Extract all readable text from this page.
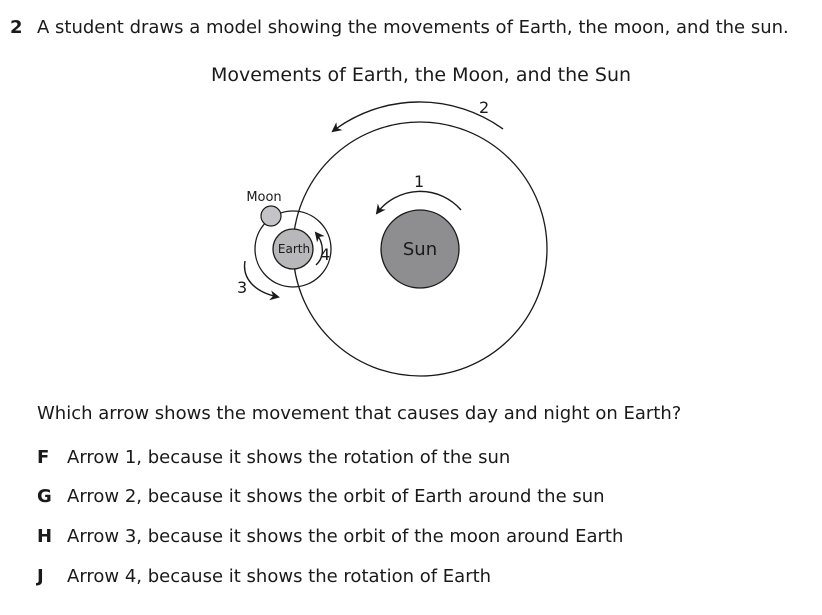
2 A student draws a model showing the movements of Earth, the moon, and the sun.
Movements of Earth, the Moon, and the Sun
2
Sun
1
Earth
Moon
3
4
Which arrow shows the movement that causes day and night on Earth?
F Arrow 1, because it shows the rotation of the sun
G Arrow 2, because it shows the orbit of Earth around the sun
H Arrow 3, because it shows the orbit of the moon around Earth
J Arrow 4, because it shows the rotation of Earth
